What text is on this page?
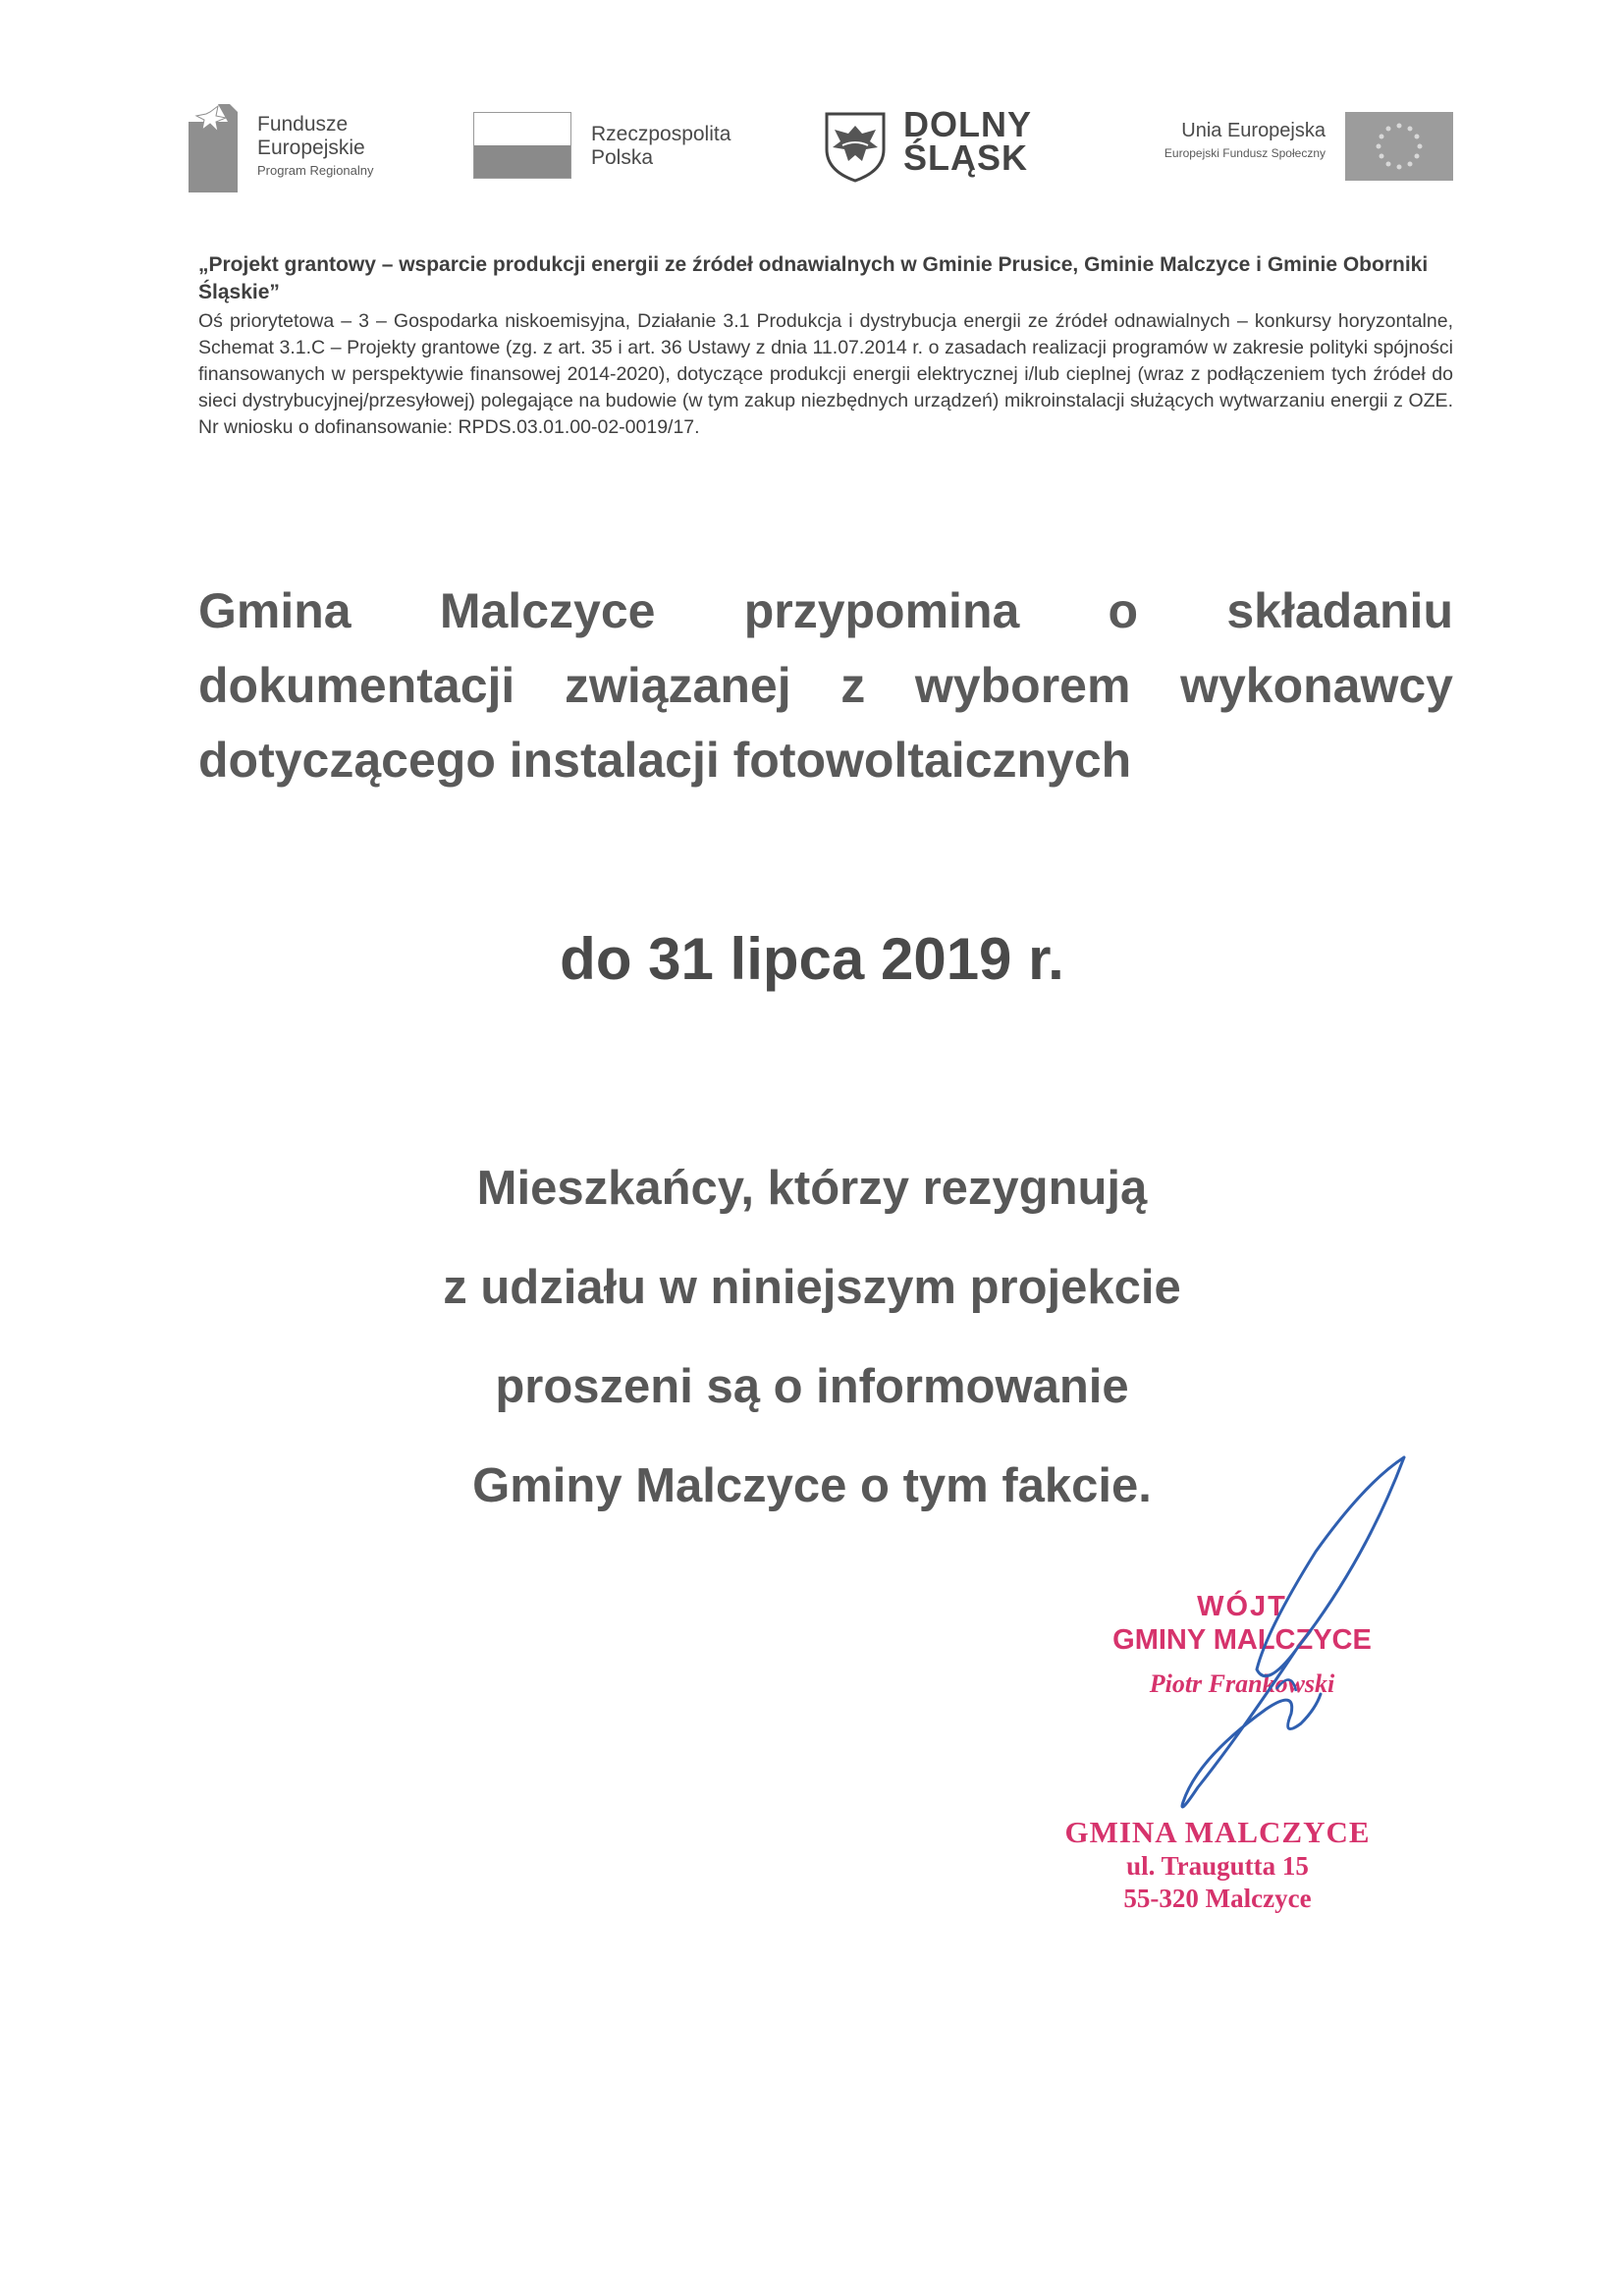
Fundusze
Europejskie
Program Regionalny
Rzeczpospolita
Polska
DOLNY
ŚLĄSK
Unia Europejska
Europejski Fundusz Społeczny

„Projekt grantowy – wsparcie produkcji energii ze źródeł odnawialnych w Gminie Prusice, Gminie Malczyce i Gminie Oborniki Śląskie”

Oś priorytetowa – 3 – Gospodarka niskoemisyjna, Działanie 3.1 Produkcja i dystrybucja energii ze źródeł odnawialnych – konkursy horyzontalne, Schemat 3.1.C – Projekty grantowe (zg. z art. 35 i art. 36 Ustawy z dnia 11.07.2014 r. o zasadach realizacji programów w zakresie polityki spójności finansowanych w perspektywie finansowej 2014-2020), dotyczące produkcji energii elektrycznej i/lub cieplnej (wraz z podłączeniem tych źródeł do sieci dystrybucyjnej/przesyłowej) polegające na budowie (w tym zakup niezbędnych urządzeń) mikroinstalacji służących wytwarzaniu energii z OZE. Nr wniosku o dofinansowanie: RPDS.03.01.00-02-0019/17.

Gmina Malczyce przypomina o składaniu dokumentacji związanej z wyborem wykonawcy dotyczącego instalacji fotowoltaicznych

do 31 lipca 2019 r.

Mieszkańcy, którzy rezygnują
z udziału w niniejszym projekcie
proszeni są o informowanie
Gminy Malczyce o tym fakcie.
WÓJT
GMINY MALCZYCE
Piotr Frankowski
GMINA MALCZYCE
ul. Traugutta 15
55-320 Malczyce
